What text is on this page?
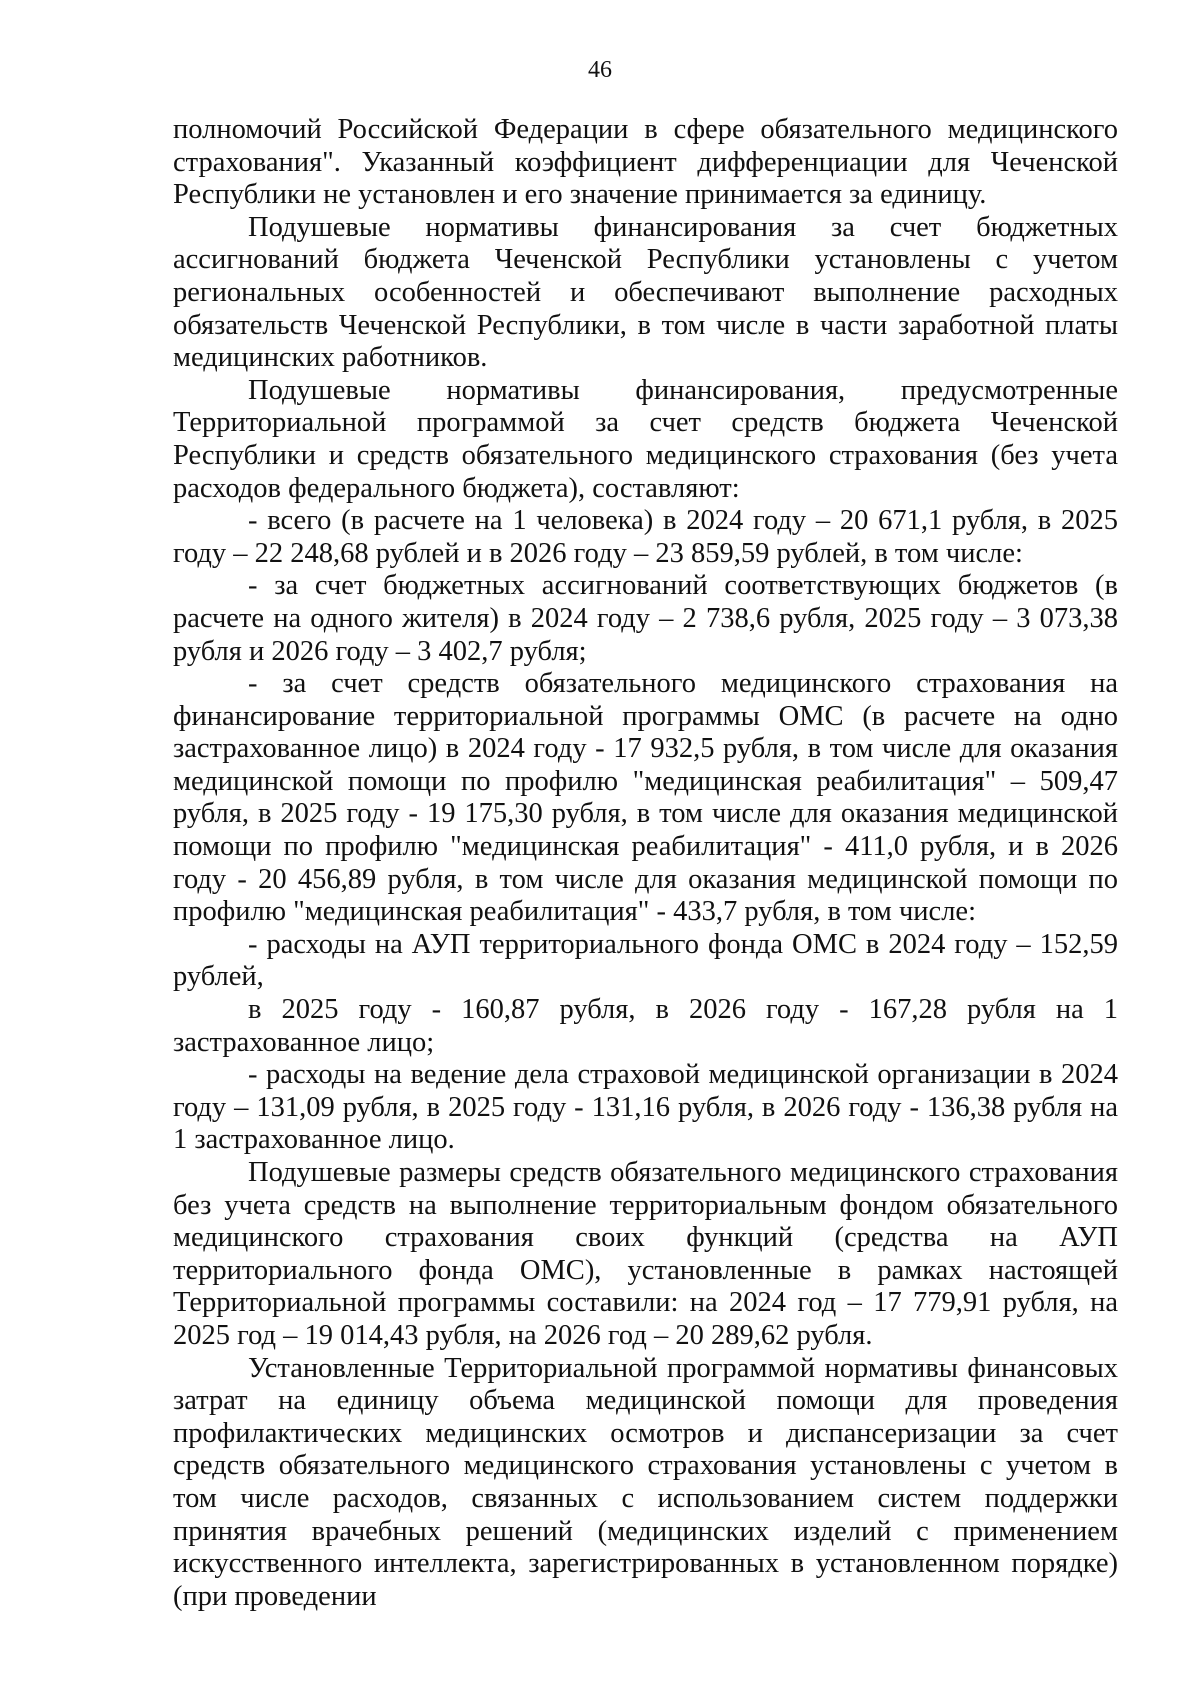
46

полномочий Российской Федерации в сфере обязательного медицинского страхования". Указанный коэффициент дифференциации для Чеченской Республики не установлен и его значение принимается за единицу.

Подушевые нормативы финансирования за счет бюджетных ассигнований бюджета Чеченской Республики установлены с учетом региональных особенностей и обеспечивают выполнение расходных обязательств Чеченской Республики, в том числе в части заработной платы медицинских работников.

Подушевые нормативы финансирования, предусмотренные Территориальной программой за счет средств бюджета Чеченской Республики и средств обязательного медицинского страхования (без учета расходов федерального бюджета), составляют:

- всего (в расчете на 1 человека) в 2024 году – 20 671,1 рубля, в 2025 году – 22 248,68 рублей и в 2026 году – 23 859,59 рублей, в том числе:

- за счет бюджетных ассигнований соответствующих бюджетов (в расчете на одного жителя) в 2024 году – 2 738,6 рубля, 2025 году – 3 073,38 рубля и 2026 году – 3 402,7 рубля;

- за счет средств обязательного медицинского страхования на финансирование территориальной программы ОМС (в расчете на одно застрахованное лицо) в 2024 году - 17 932,5 рубля, в том числе для оказания медицинской помощи по профилю "медицинская реабилитация" – 509,47 рубля, в 2025 году - 19 175,30 рубля, в том числе для оказания медицинской помощи по профилю "медицинская реабилитация" - 411,0 рубля, и в 2026 году - 20 456,89 рубля, в том числе для оказания медицинской помощи по профилю "медицинская реабилитация" - 433,7 рубля, в том числе:

- расходы на АУП территориального фонда ОМС в 2024 году – 152,59 рублей,

в 2025 году - 160,87 рубля, в 2026 году - 167,28 рубля на 1 застрахованное лицо;

- расходы на ведение дела страховой медицинской организации в 2024 году – 131,09 рубля, в 2025 году - 131,16 рубля, в 2026 году - 136,38 рубля на 1 застрахованное лицо.

Подушевые размеры средств обязательного медицинского страхования без учета средств на выполнение территориальным фондом обязательного медицинского страхования своих функций (средства на АУП территориального фонда ОМС), установленные в рамках настоящей Территориальной программы составили: на 2024 год – 17 779,91 рубля, на 2025 год – 19 014,43 рубля, на 2026 год – 20 289,62 рубля.

Установленные Территориальной программой нормативы финансовых затрат на единицу объема медицинской помощи для проведения профилактических медицинских осмотров и диспансеризации за счет средств обязательного медицинского страхования установлены с учетом в том числе расходов, связанных с использованием систем поддержки принятия врачебных решений (медицинских изделий с применением искусственного интеллекта, зарегистрированных в установленном порядке) (при проведении
